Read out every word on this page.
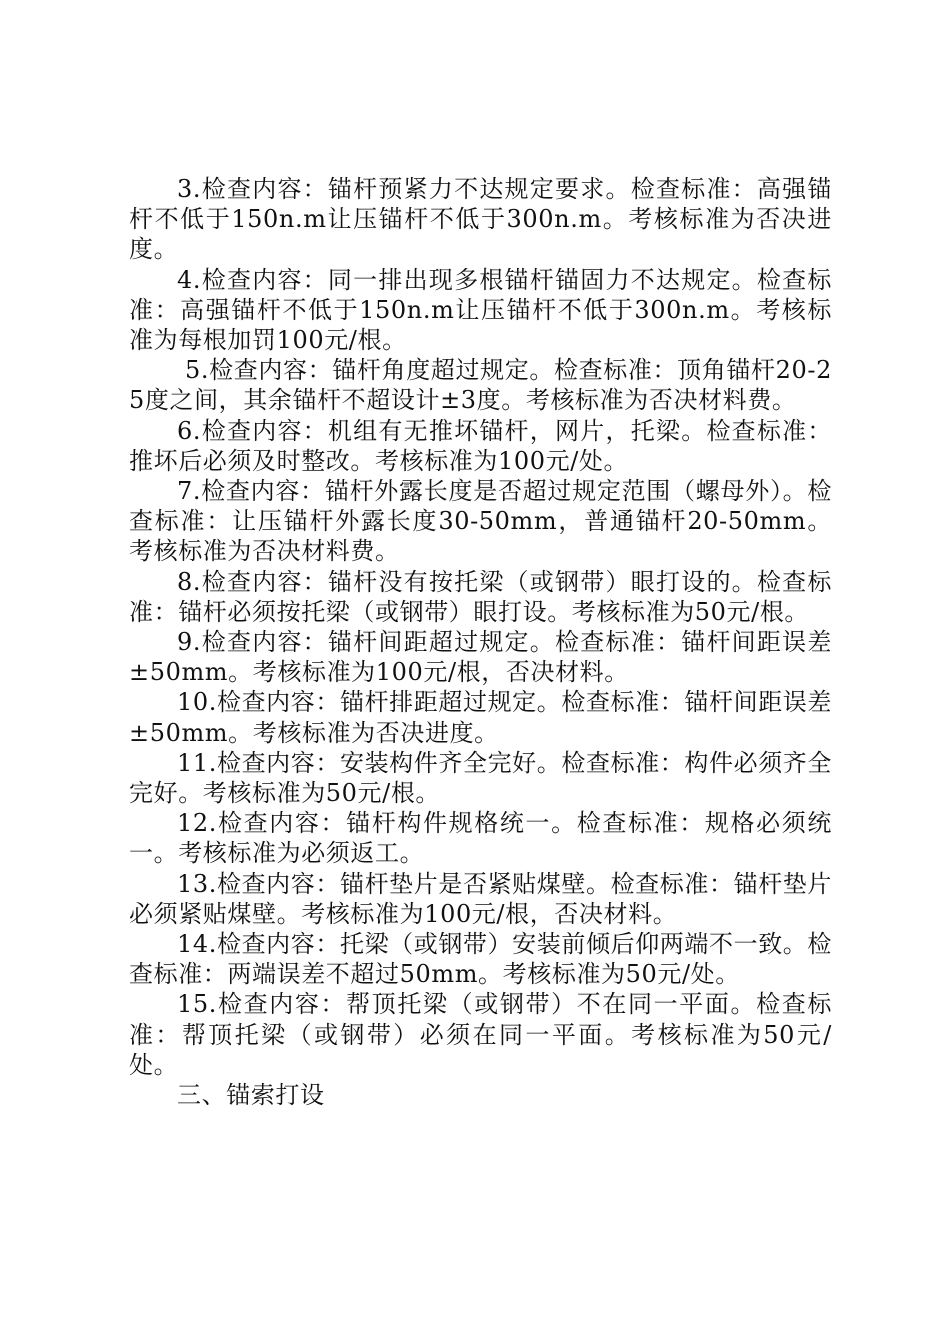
3.检查内容：锚杆预紧力不达规定要求。检查标准：高强锚杆不低于150n.m让压锚杆不低于300n.m。考核标准为否决进度。

4.检查内容：同一排出现多根锚杆锚固力不达规定。检查标准：高强锚杆不低于150n.m让压锚杆不低于300n.m。考核标准为每根加罚100元/根。

5.检查内容：锚杆角度超过规定。检查标准：顶角锚杆20-25度之间，其余锚杆不超设计±3度。考核标准为否决材料费。

6.检查内容：机组有无推坏锚杆，网片，托梁。检查标准：推坏后必须及时整改。考核标准为100元/处。

7.检查内容：锚杆外露长度是否超过规定范围（螺母外）。检查标准：让压锚杆外露长度30-50mm，普通锚杆20-50mm。考核标准为否决材料费。

8.检查内容：锚杆没有按托梁（或钢带）眼打设的。检查标准：锚杆必须按托梁（或钢带）眼打设。考核标准为50元/根。

9.检查内容：锚杆间距超过规定。检查标准：锚杆间距误差±50mm。考核标准为100元/根，否决材料。

10.检查内容：锚杆排距超过规定。检查标准：锚杆间距误差±50mm。考核标准为否决进度。

11.检查内容：安装构件齐全完好。检查标准：构件必须齐全完好。考核标准为50元/根。

12.检查内容：锚杆构件规格统一。检查标准：规格必须统一。考核标准为必须返工。

13.检查内容：锚杆垫片是否紧贴煤壁。检查标准：锚杆垫片必须紧贴煤壁。考核标准为100元/根，否决材料。

14.检查内容：托梁（或钢带）安装前倾后仰两端不一致。检查标准：两端误差不超过50mm。考核标准为50元/处。

15.检查内容：帮顶托梁（或钢带）不在同一平面。检查标准：帮顶托梁（或钢带）必须在同一平面。考核标准为50元/处。

三、锚索打设
